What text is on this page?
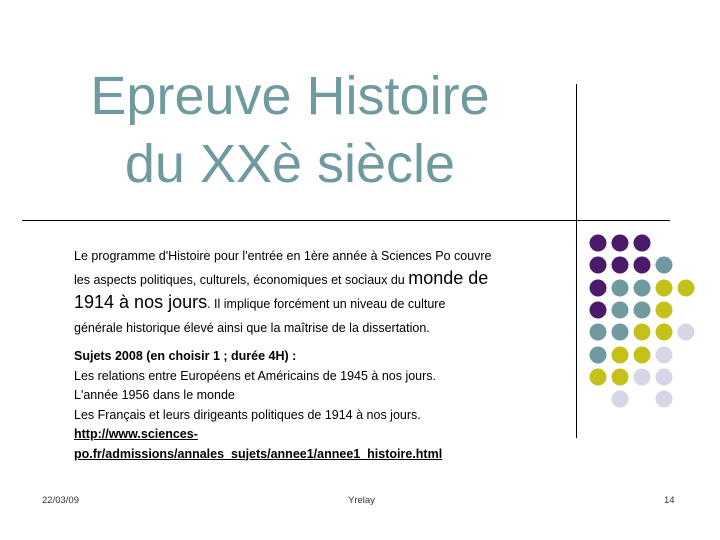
Epreuve Histoire
du XXè siècle

Le programme d'Histoire pour l'entrée en 1ère année à Sciences Po couvre

les aspects politiques, culturels, économiques et sociaux du monde de

1914 à nos jours. Il implique forcément un niveau de culture

générale historique élevé ainsi que la maîtrise de la dissertation.

Sujets 2008 (en choisir 1 ; durée 4H) :
Les relations entre Européens et Américains de 1945 à nos jours.
L'année 1956 dans le monde
Les Français et leurs dirigeants politiques de 1914 à nos jours.
http://www.sciences-
po.fr/admissions/annales_sujets/annee1/annee1_histoire.html
22/03/09	Yrelay	14
